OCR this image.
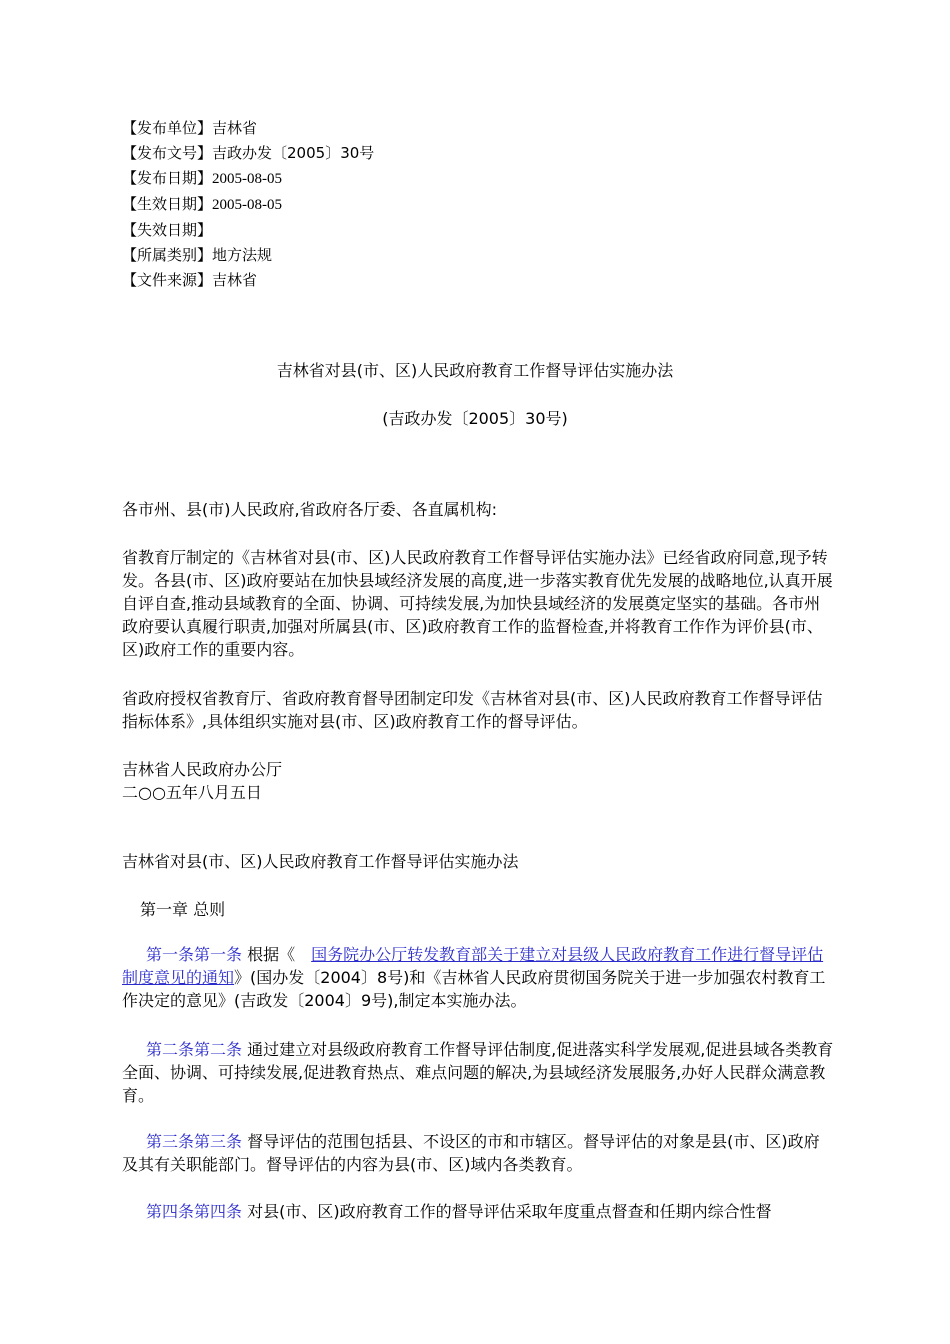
【发布单位】吉林省
【发布文号】吉政办发〔2005〕30号
【发布日期】2005-08-05
【生效日期】2005-08-05
【失效日期】
【所属类别】地方法规
【文件来源】吉林省
吉林省对县(市、区)人民政府教育工作督导评估实施办法
(吉政办发〔2005〕30号)

各市州、县(市)人民政府,省政府各厅委、各直属机构:

省教育厅制定的《吉林省对县(市、区)人民政府教育工作督导评估实施办法》已经省政府同意,现予转发。各县(市、区)政府要站在加快县域经济发展的高度,进一步落实教育优先发展的战略地位,认真开展自评自查,推动县域教育的全面、协调、可持续发展,为加快县域经济的发展奠定坚实的基础。各市州政府要认真履行职责,加强对所属县(市、区)政府教育工作的监督检查,并将教育工作作为评价县(市、区)政府工作的重要内容。

省政府授权省教育厅、省政府教育督导团制定印发《吉林省对县(市、区)人民政府教育工作督导评估指标体系》,具体组织实施对县(市、区)政府教育工作的督导评估。

吉林省人民政府办公厅

二○○五年八月五日

吉林省对县(市、区)人民政府教育工作督导评估实施办法

第一章 总则

第一条第一条 根据《  国务院办公厅转发教育部关于建立对县级人民政府教育工作进行督导评估制度意见的通知》(国办发〔2004〕8号)和《吉林省人民政府贯彻国务院关于进一步加强农村教育工作决定的意见》(吉政发〔2004〕9号),制定本实施办法。

第二条第二条 通过建立对县级政府教育工作督导评估制度,促进落实科学发展观,促进县域各类教育全面、协调、可持续发展,促进教育热点、难点问题的解决,为县域经济发展服务,办好人民群众满意教育。

第三条第三条 督导评估的范围包括县、不设区的市和市辖区。督导评估的对象是县(市、区)政府及其有关职能部门。督导评估的内容为县(市、区)域内各类教育。

第四条第四条 对县(市、区)政府教育工作的督导评估采取年度重点督查和任期内综合性督
